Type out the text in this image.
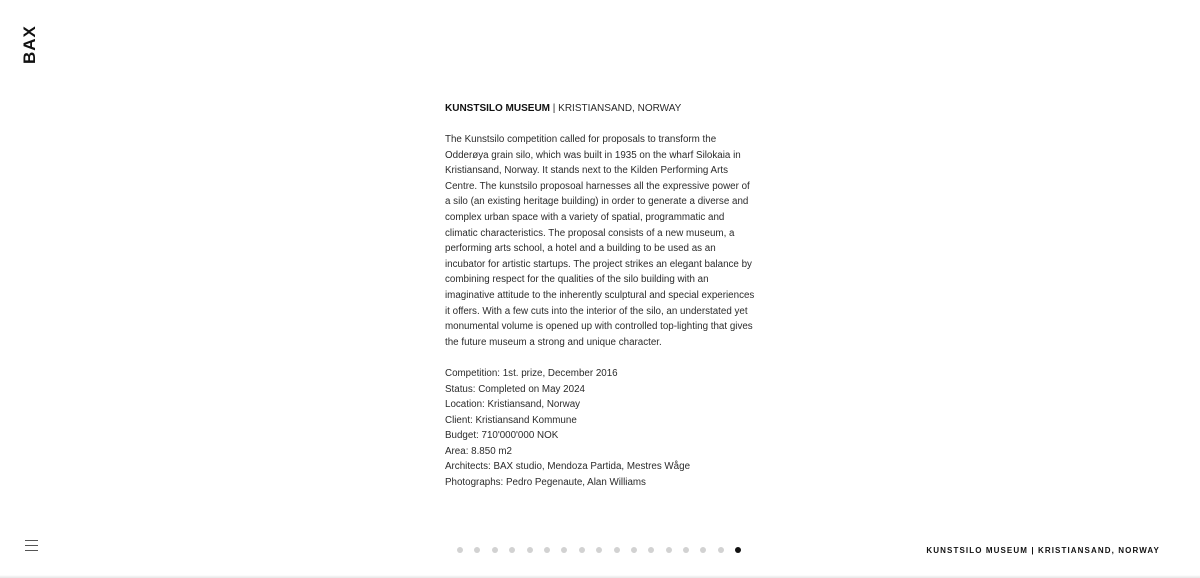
BAX

KUNSTSILO MUSEUM | KRISTIANSAND, NORWAY

The Kunstsilo competition called for proposals to transform the Odderøya grain silo, which was built in 1935 on the wharf Silokaia in Kristiansand, Norway. It stands next to the Kilden Performing Arts Centre. The kunstsilo proposoal harnesses all the expressive power of a silo (an existing heritage building) in order to generate a diverse and complex urban space with a variety of spatial, programmatic and climatic characteristics. The proposal consists of a new museum, a performing arts school, a hotel and a building to be used as an incubator for artistic startups. The project strikes an elegant balance by combining respect for the qualities of the silo building with an imaginative attitude to the inherently sculptural and special experiences it offers. With a few cuts into the interior of the silo, an understated yet monumental volume is opened up with controlled top-lighting that gives the future museum a strong and unique character.

Competition: 1st. prize, December 2016
Status: Completed on May 2024
Location: Kristiansand, Norway
Client: Kristiansand Kommune
Budget: 710'000'000 NOK
Area: 8.850 m2
Architects: BAX studio, Mendoza Partida, Mestres Wåge
Photographs: Pedro Pegenaute, Alan Williams
KUNSTSILO MUSEUM | KRISTIANSAND, NORWAY
